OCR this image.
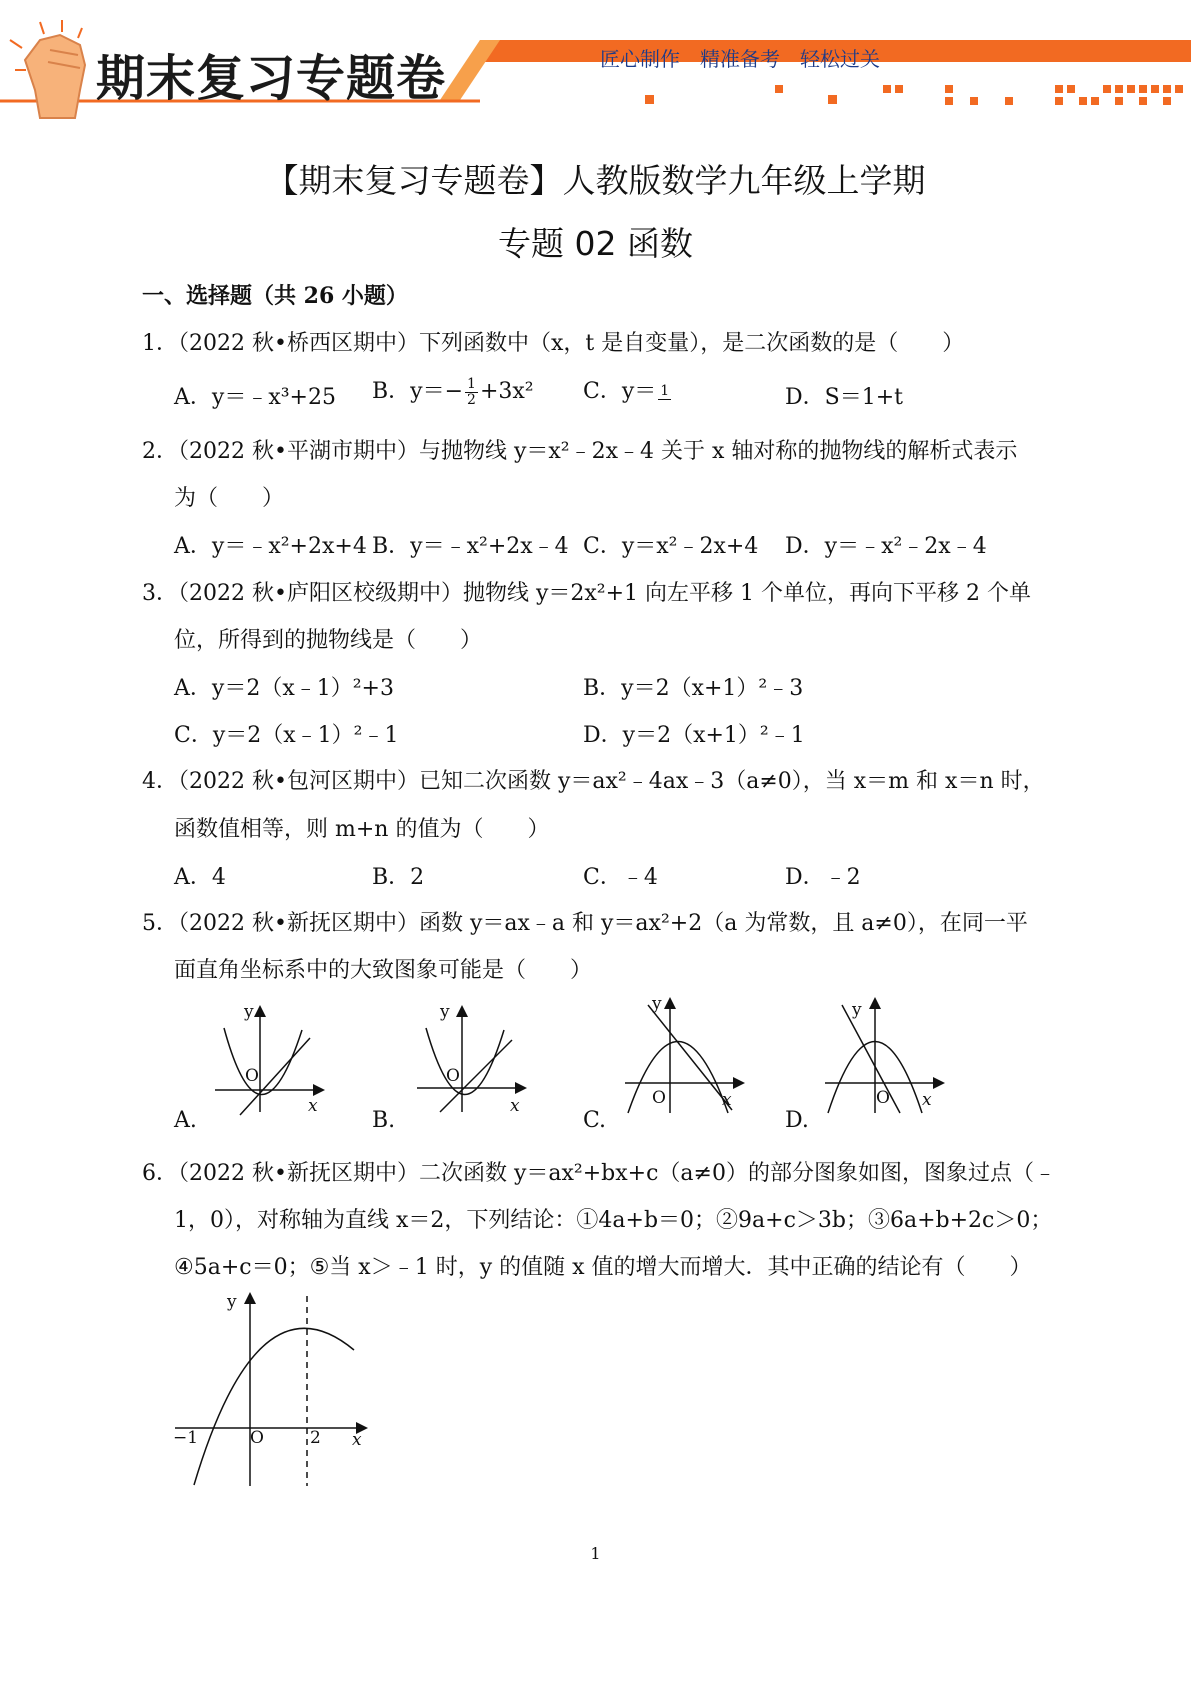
期末复习专题卷	匠心制作　精准备考　轻松过关
【期末复习专题卷】人教版数学九年级上学期
专题 02 函数
一、选择题（共 26 小题）
1．（2022 秋•桥西区期中）下列函数中（x，t 是自变量），是二次函数的是（　　）
A．y＝﹣x³+25 B．$y=- \frac{1}{2} +3x^2$ C．y＝ 1	D．S＝1+t
2．（2022 秋•平湖市期中）与抛物线 y＝x²﹣2x﹣4 关于 x 轴对称的抛物线的解析式表示
为（　　）
A．y＝﹣x²+2x+4 B．y＝﹣x²+2x﹣4 C．y＝x²﹣2x+4 D．y＝﹣x²﹣2x﹣4
3．（2022 秋•庐阳区校级期中）抛物线 y＝2x²+1 向左平移 1 个单位，再向下平移 2 个单
位，所得到的抛物线是（　　）
A．y＝2（x﹣1）²+3	B．y＝2（x+1）²﹣3
C．y＝2（x﹣1）²﹣1	D．y＝2（x+1）²﹣1
4．（2022 秋•包河区期中）已知二次函数 y＝ax²﹣4ax﹣3（a≠0），当 x＝m 和 x＝n 时，
函数值相等，则 m+n 的值为（　　）
A．4	B．2	C．﹣4	D．﹣2
5．（2022 秋•新抚区期中）函数 y＝ax﹣a 和 y＝ax²+2（a 为常数，且 a≠0），在同一平
面直角坐标系中的大致图象可能是（　　）
y
O
x
A.
y
O
x
B.
y
O	x
C.
y
O x
D.
6．（2022 秋•新抚区期中）二次函数 y＝ax²+bx+c（a≠0）的部分图象如图，图象过点（﹣
1，0），对称轴为直线 x＝2，下列结论：①4a+b＝0；②9a+c＞3b；③6a+b+2c＞0；
④5a+c＝0；⑤当 x＞﹣1 时，y 的值随 x 值的增大而增大．其中正确的结论有（　　）
y
O
−1	2 x
1
